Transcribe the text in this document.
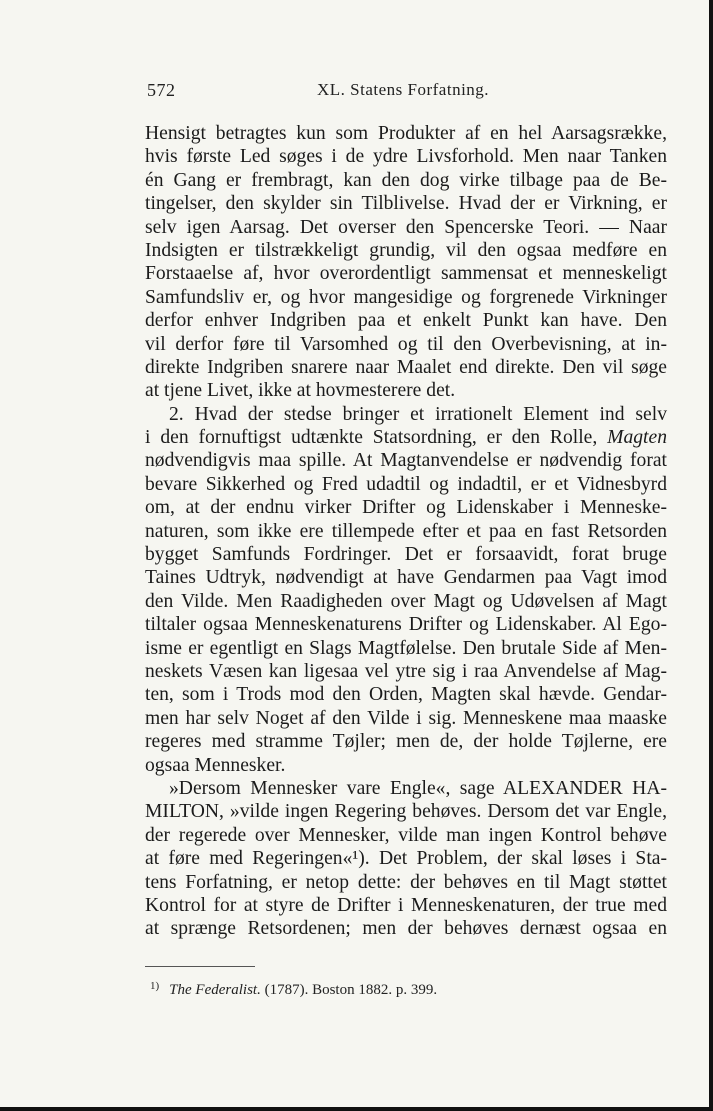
572	XL. Statens Forfatning.
Hensigt betragtes kun som Produkter af en hel Aarsagsrække,
hvis første Led søges i de ydre Livsforhold. Men naar Tanken
én Gang er frembragt, kan den dog virke tilbage paa de Be-
tingelser, den skylder sin Tilblivelse. Hvad der er Virkning, er
selv igen Aarsag. Det overser den Spencerske Teori. — Naar
Indsigten er tilstrækkeligt grundig, vil den ogsaa medføre en
Forstaaelse af, hvor overordentligt sammensat et menneskeligt
Samfundsliv er, og hvor mangesidige og forgrenede Virkninger
derfor enhver Indgriben paa et enkelt Punkt kan have. Den
vil derfor føre til Varsomhed og til den Overbevisning, at in-
direkte Indgriben snarere naar Maalet end direkte. Den vil søge
at tjene Livet, ikke at hovmesterere det.
2. Hvad der stedse bringer et irrationelt Element ind selv
i den fornuftigst udtænkte Statsordning, er den Rolle, Magten
nødvendigvis maa spille. At Magtanvendelse er nødvendig forat
bevare Sikkerhed og Fred udadtil og indadtil, er et Vidnesbyrd
om, at der endnu virker Drifter og Lidenskaber i Menneske-
naturen, som ikke ere tillempede efter et paa en fast Retsorden
bygget Samfunds Fordringer. Det er forsaavidt, forat bruge
Taines Udtryk, nødvendigt at have Gendarmen paa Vagt imod
den Vilde. Men Raadigheden over Magt og Udøvelsen af Magt
tiltaler ogsaa Menneskenaturens Drifter og Lidenskaber. Al Ego-
isme er egentligt en Slags Magtfølelse. Den brutale Side af Men-
neskets Væsen kan ligesaa vel ytre sig i raa Anvendelse af Mag-
ten, som i Trods mod den Orden, Magten skal hævde. Gendar-
men har selv Noget af den Vilde i sig. Menneskene maa maaske
regeres med stramme Tøjler; men de, der holde Tøjlerne, ere
ogsaa Mennesker.
»Dersom Mennesker vare Engle«, sage ALEXANDER HA-
MILTON, »vilde ingen Regering behøves. Dersom det var Engle,
der regerede over Mennesker, vilde man ingen Kontrol behøve
at føre med Regeringen«¹). Det Problem, der skal løses i Sta-
tens Forfatning, er netop dette: der behøves en til Magt støttet
Kontrol for at styre de Drifter i Menneskenaturen, der true med
at sprænge Retsordenen; men der behøves dernæst ogsaa en
$^{1)}$ The Federalist. (1787). Boston 1882. p. 399.
